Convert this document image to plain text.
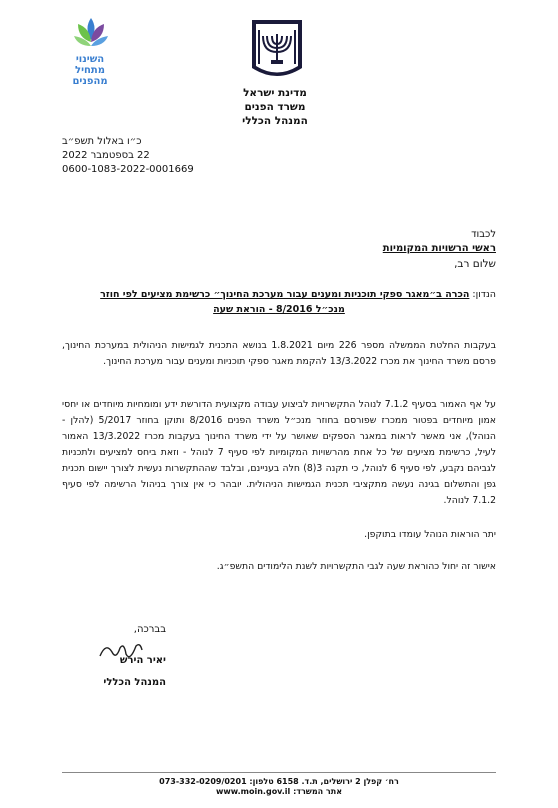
מדינת ישראל
משרד הפנים
המנהל הכללי
השינוי
מתחיל
מהפנים
כ״ו באלול תשפ״ב
22 בספטמבר 2022
0600-1083-2022-0001669
לכבוד
ראשי הרשויות המקומיות
שלום רב,
הנדון: הכרה ב״מאגר ספקי תוכניות ומענים עבור מערכת החינוך״ כרשימת מציעים לפי חוזר
מנכ״ל 8/2016 - הוראת שעה
בעקבות החלטת הממשלה מספר 226 מיום 1.8.2021 בנושא התכנית לגמישות הניהולית במערכת החינוך, פרסם משרד החינוך את מכרז 13/3.2022 להקמת מאגר ספקי תוכניות ומענים עבור מערכת החינוך.
על אף האמור בסעיף 7.1.2 לנוהל התקשרויות לביצוע עבודה מקצועית הדורשת ידע ומומחיות מיוחדים או יחסי אמון מיוחדים בפטור ממכרז שפורסם בחוזר מנכ״ל משרד הפנים 8/2016 ותוקן בחוזר 5/2017 (להלן - הנוהל), אני מאשר לראות במאגר הספקים שאושר על ידי משרד החינוך בעקבות מכרז 13/3.2022 האמור לעיל, כרשימת מציעים של כל אחת מהרשויות המקומיות לפי סעיף 7 לנוהל - וזאת ביחס למציעים ולתכניות לגביהם נקבע, לפי סעיף 6 לנוהל, כי תקנה 3(8) חלה בעניינם, ובלבד שההתקשרות נעשית לצורך יישום תכנית גפן והתשלום בגינה נעשה מתקציבי תכנית הגמישות הניהולית. יובהר כי אין צורך בניהול הרשימה לפי סעיף 7.1.2 לנוהל.
יתר הוראות הנוהל עומדו בתוקפן.
אישור זה יחול כהוראת שעה לגבי התקשרויות לשנת הלימודים התשפ״ג.
בברכה,
יאיר הירש
המנהל הכללי
רח׳ קפלן 2 ירושלים, ת.ד. 6158 טלפון: 073-332-0209/0201
אתר המשרד: www.moin.gov.il
